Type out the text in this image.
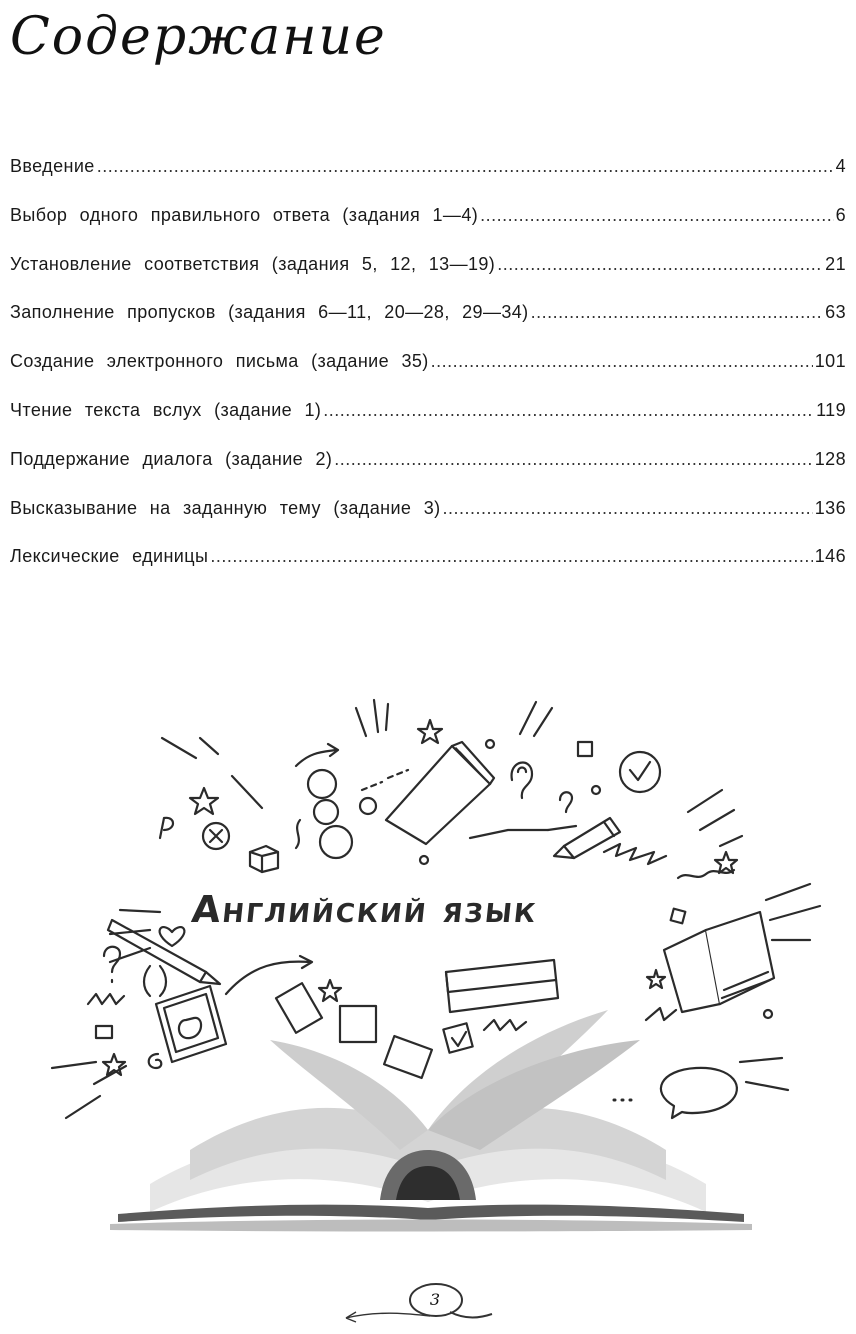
Содержание
Введение .....	4
Выбор одного правильного ответа (задания 1—4) .....	6
Установление соответствия (задания 5, 12, 13—19) .....	21
Заполнение пропусков (задания 6—11, 20—28, 29—34) .....	63
Создание электронного письма (задание 35) .....	101
Чтение текста вслух (задание 1) .....	119
Поддержание диалога (задание 2) .....	128
Высказывание на заданную тему (задание 3) .....	136
Лексические единицы .....	146
Английский язык
3
